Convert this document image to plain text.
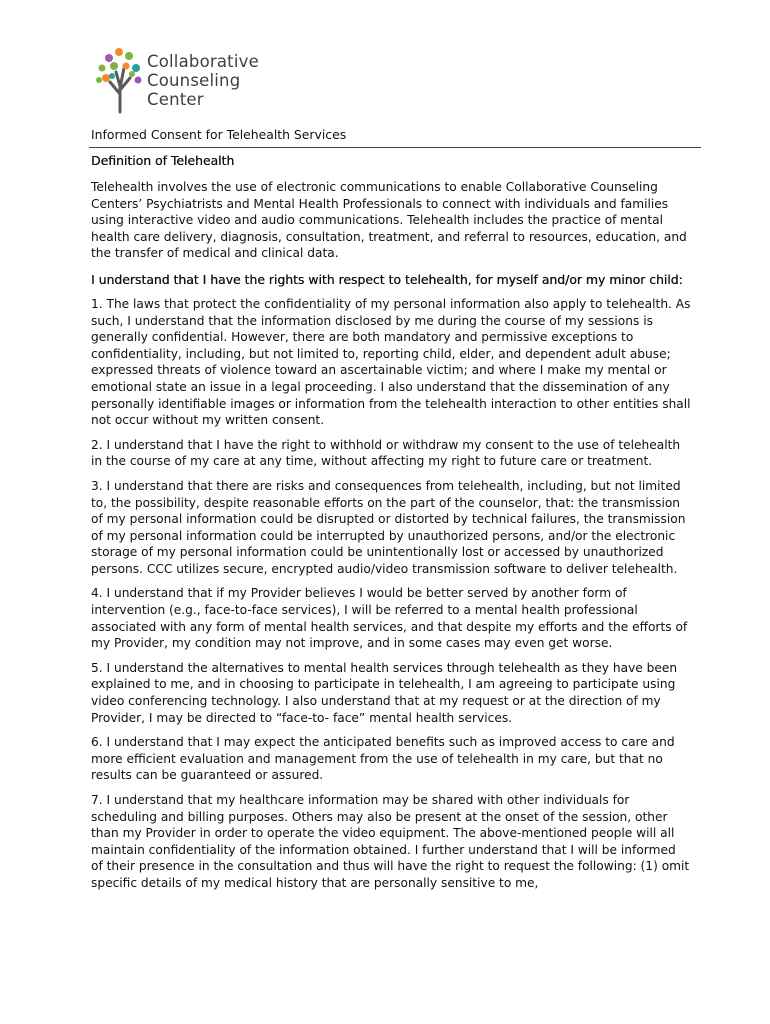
Collaborative
Counseling
Center
Informed Consent for Telehealth Services
Definition of Telehealth

Telehealth involves the use of electronic communications to enable Collaborative Counseling Centers’ Psychiatrists and Mental Health Professionals to connect with individuals and families using interactive video and audio communications. Telehealth includes the practice of mental health care delivery, diagnosis, consultation, treatment, and referral to resources, education, and the transfer of medical and clinical data.

I understand that I have the rights with respect to telehealth, for myself and/or my minor child:

1. The laws that protect the confidentiality of my personal information also apply to telehealth. As such, I understand that the information disclosed by me during the course of my sessions is generally confidential. However, there are both mandatory and permissive exceptions to confidentiality, including, but not limited to, reporting child, elder, and dependent adult abuse; expressed threats of violence toward an ascertainable victim; and where I make my mental or emotional state an issue in a legal proceeding. I also understand that the dissemination of any personally identifiable images or information from the telehealth interaction to other entities shall not occur without my written consent.

2. I understand that I have the right to withhold or withdraw my consent to the use of telehealth in the course of my care at any time, without affecting my right to future care or treatment.

3. I understand that there are risks and consequences from telehealth, including, but not limited to, the possibility, despite reasonable efforts on the part of the counselor, that: the transmission of my personal information could be disrupted or distorted by technical failures, the transmission of my personal information could be interrupted by unauthorized persons, and/or the electronic storage of my personal information could be unintentionally lost or accessed by unauthorized persons. CCC utilizes secure, encrypted audio/video transmission software to deliver telehealth.

4. I understand that if my Provider believes I would be better served by another form of intervention (e.g., face-to-face services), I will be referred to a mental health professional associated with any form of mental health services, and that despite my efforts and the efforts of my Provider, my condition may not improve, and in some cases may even get worse.

5. I understand the alternatives to mental health services through telehealth as they have been explained to me, and in choosing to participate in telehealth, I am agreeing to participate using video conferencing technology. I also understand that at my request or at the direction of my Provider, I may be directed to “face-to- face” mental health services.

6. I understand that I may expect the anticipated benefits such as improved access to care and more efficient evaluation and management from the use of telehealth in my care, but that no results can be guaranteed or assured.

7. I understand that my healthcare information may be shared with other individuals for scheduling and billing purposes. Others may also be present at the onset of the session, other than my Provider in order to operate the video equipment. The above-mentioned people will all maintain confidentiality of the information obtained. I further understand that I will be informed of their presence in the consultation and thus will have the right to request the following: (1) omit specific details of my medical history that are personally sensitive to me,
